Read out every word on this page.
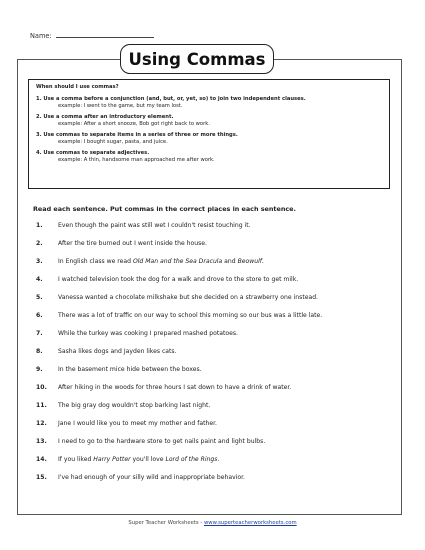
Name:
Using Commas
When should I use commas?
1. Use a comma before a conjunction (and, but, or, yet, so) to join two independent clauses.
example: I went to the game, but my team lost.
2. Use a comma after an introductory element.
example: After a short snooze, Bob got right back to work.
3. Use commas to separate items in a series of three or more things.
example: I bought sugar, pasta, and juice.
4. Use commas to separate adjectives.
example: A thin, handsome man approached me after work.
Read each sentence. Put commas in the correct places in each sentence.
1.	Even though the paint was still wet I couldn't resist touching it.
2.	After the tire burned out I went inside the house.
3.	In English class we read Old Man and the Sea Dracula and Beowulf.
4.	I watched television took the dog for a walk and drove to the store to get milk.
5.	Vanessa wanted a chocolate milkshake but she decided on a strawberry one instead.
6.	There was a lot of traffic on our way to school this morning so our bus was a little late.
7.	While the turkey was cooking I prepared mashed potatoes.
8.	Sasha likes dogs and Jayden likes cats.
9.	In the basement mice hide between the boxes.
10. After hiking in the woods for three hours I sat down to have a drink of water.
11. The big gray dog wouldn't stop barking last night.
12. Jane I would like you to meet my mother and father.
13. I need to go to the hardware store to get nails paint and light bulbs.
14. If you liked Harry Potter you'll love Lord of the Rings.
15. I've had enough of your silly wild and inappropriate behavior.
Super Teacher Worksheets - www.superteacherworksheets.com
